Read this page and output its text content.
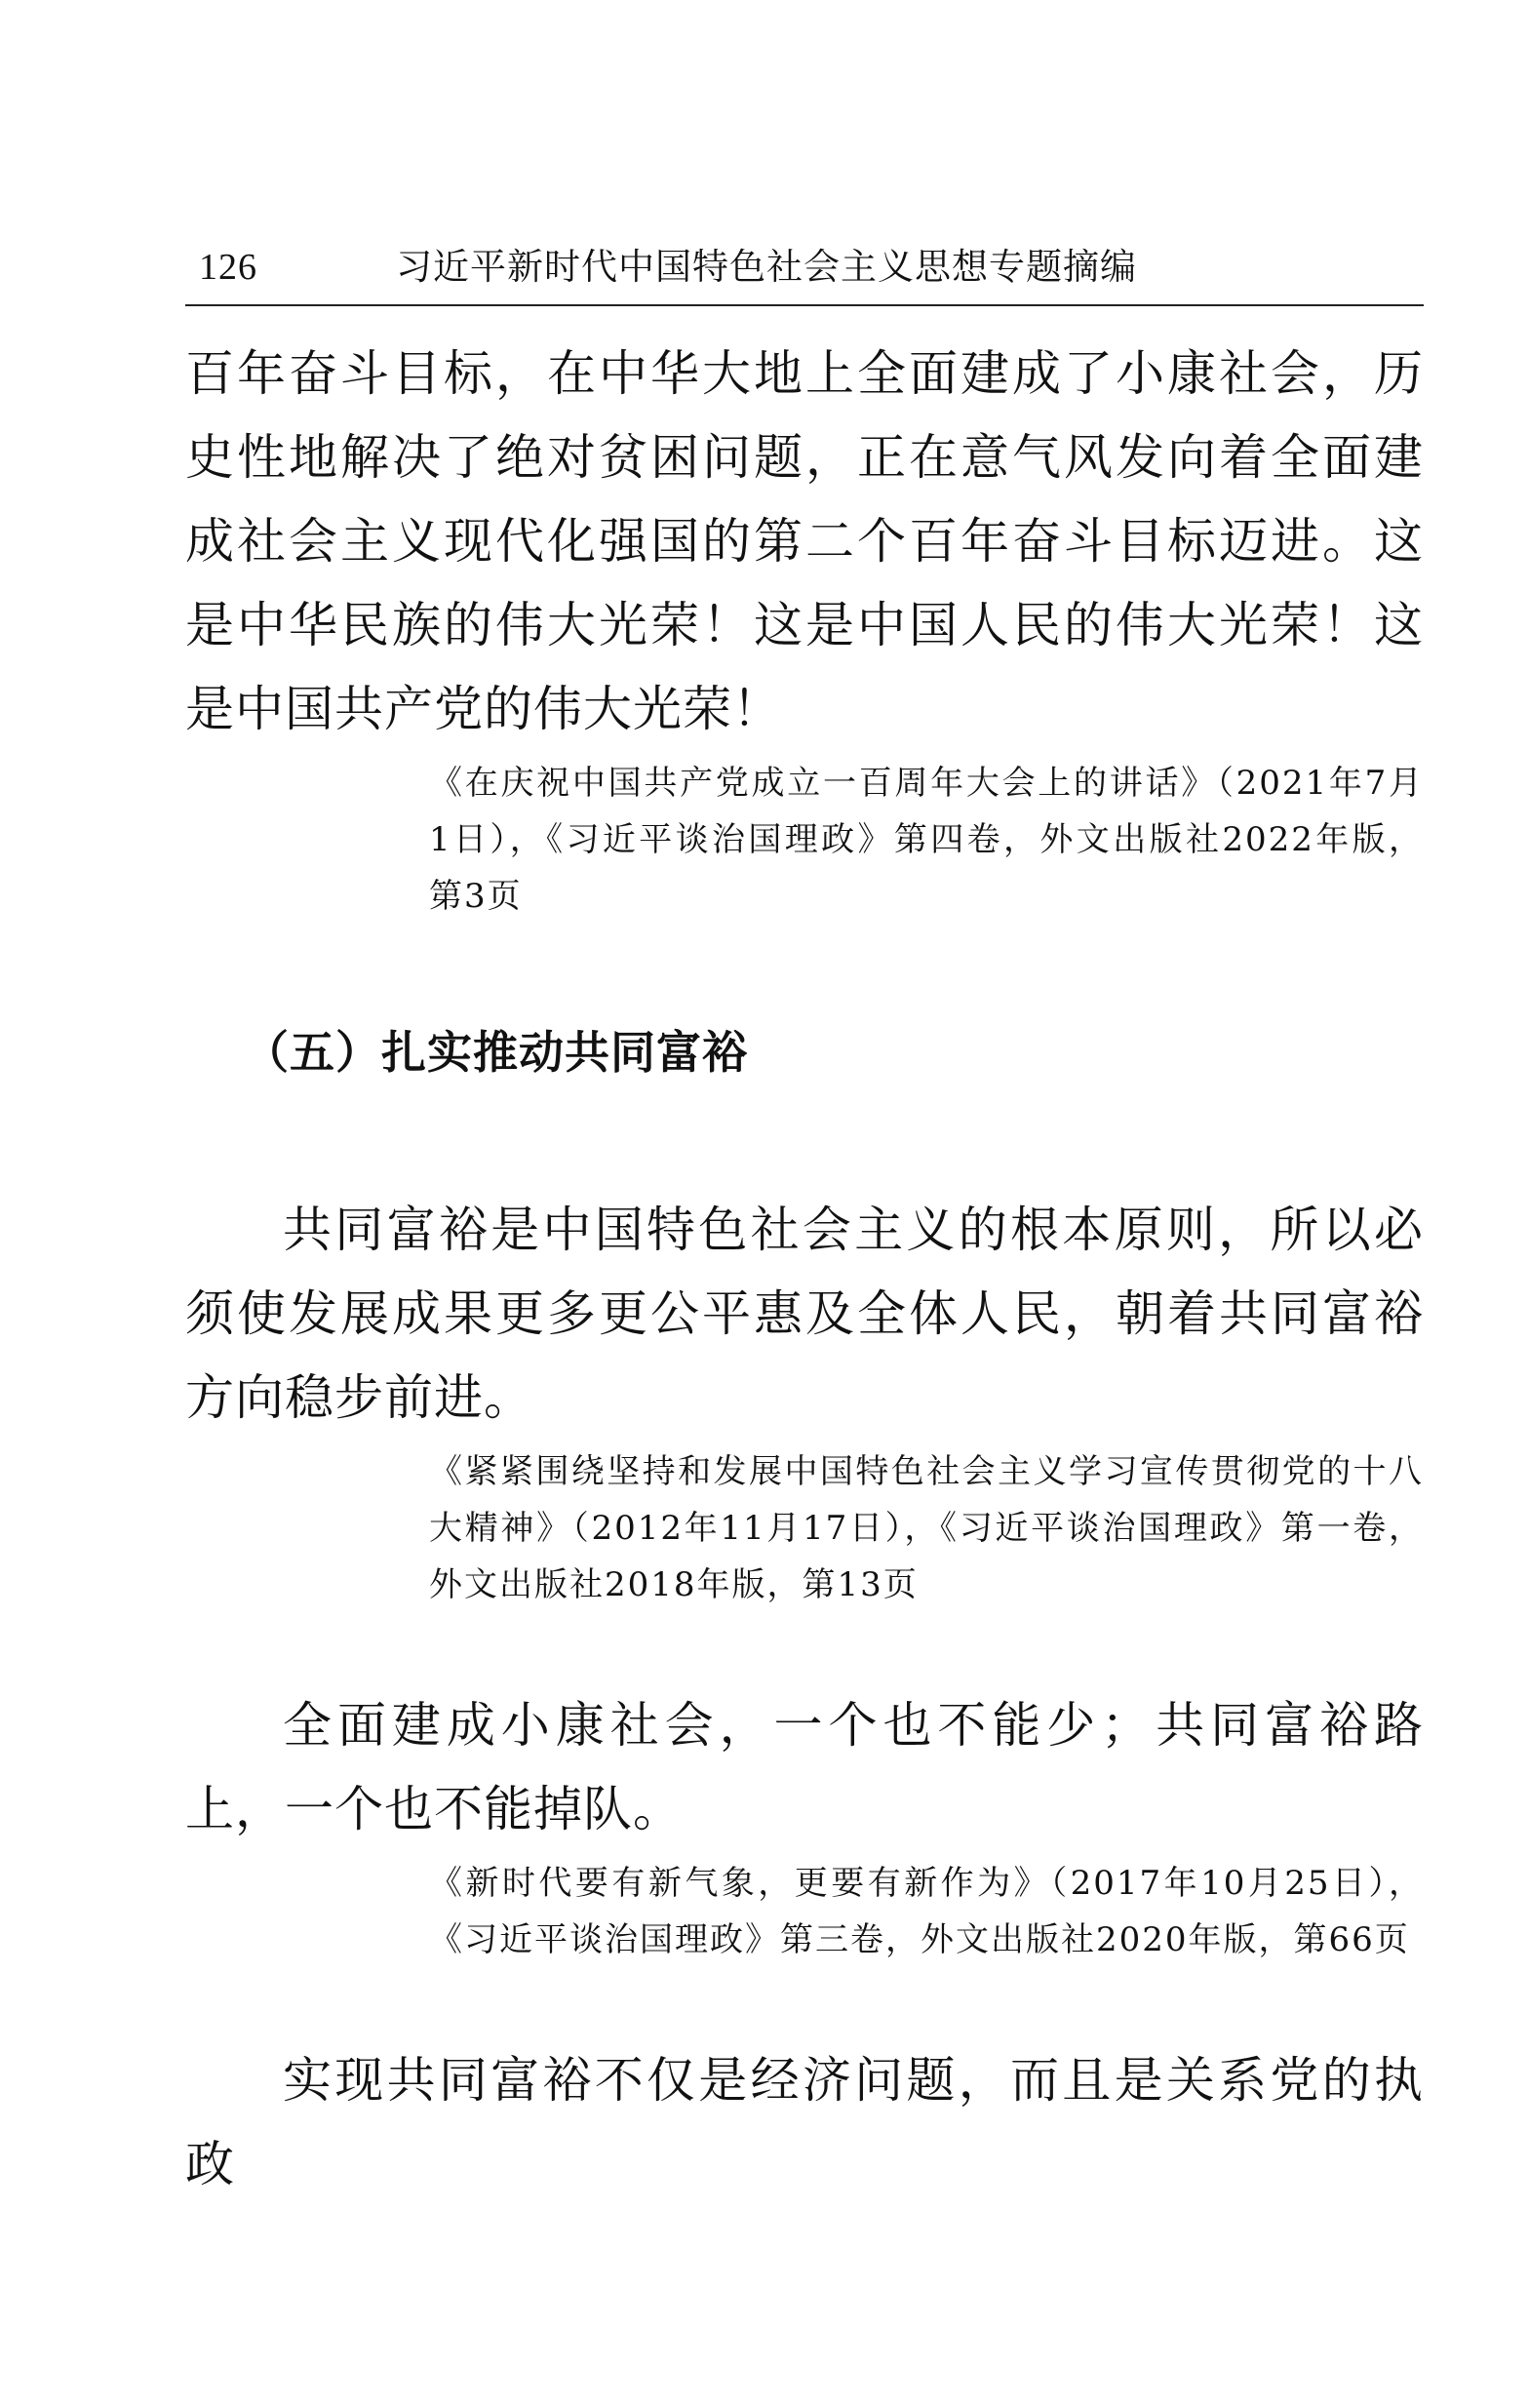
126	习近平新时代中国特色社会主义思想专题摘编

百年奋斗目标，在中华大地上全面建成了小康社会，历史性地解决了绝对贫困问题，正在意气风发向着全面建成社会主义现代化强国的第二个百年奋斗目标迈进。这是中华民族的伟大光荣！这是中国人民的伟大光荣！这是中国共产党的伟大光荣！

《在庆祝中国共产党成立一百周年大会上的讲话》（2021年7月1日），《习近平谈治国理政》第四卷，外文出版社2022年版，第3页
（五）扎实推动共同富裕

共同富裕是中国特色社会主义的根本原则，所以必须使发展成果更多更公平惠及全体人民，朝着共同富裕方向稳步前进。

《紧紧围绕坚持和发展中国特色社会主义学习宣传贯彻党的十八大精神》（2012年11月17日），《习近平谈治国理政》第一卷，外文出版社2018年版，第13页

全面建成小康社会，一个也不能少；共同富裕路上，一个也不能掉队。

《新时代要有新气象，更要有新作为》（2017年10月25日），《习近平谈治国理政》第三卷，外文出版社2020年版，第66页

实现共同富裕不仅是经济问题，而且是关系党的执政
